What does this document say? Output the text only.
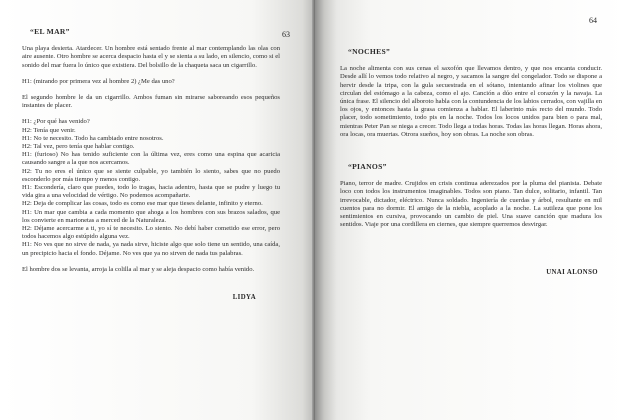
63
“EL MAR”

Una playa desierta. Atardecer. Un hombre está sentado frente al mar contemplando las olas con aire ausente. Otro hombre se acerca despacio hasta el y se sienta a su lado, en silencio, como si el sonido del mar fuera lo único que existiera. Del bolsillo de la chaqueta saca un cigarrillo.

H1: (mirando por primera vez al hombre 2) ¿Me das uno?

El segundo hombre le da un cigarrillo. Ambos fuman sin mirarse saboreando esos pequeños instantes de placer.

H1: ¿Por qué has venido?

H2: Tenía que venir.

H1: No te necesito. Todo ha cambiado entre nosotros.

H2: Tal vez, pero tenía que hablar contigo.

H1: (furioso) No has tenido suficiente con la última vez, eres como una espina que acaricia causando sangre a la que nos acercamos.

H2: Tu no eres el único que se siente culpable, yo también lo siento, sabes que no puedo esconderlo por más tiempo y menos contigo.

H1: Escondería, claro que puedes, todo lo tragas, hacia adentro, hasta que se pudre y luego tu vida gira a una velocidad de vértigo. No podemos acompañarte.

H2: Deja de complicar las cosas, todo es como ese mar que tieses delante, infinito y eterno.

H1: Un mar que cambia a cada momento que ahoga a los hombres con sus brazos salados, que los convierte en marionetas a merced de la Naturaleza.

H2: Déjame acercarme a ti, yo sí te necesito. Lo siento. No debí haber cometido ese error, pero todos hacemos algo estúpido alguna vez.

H1: No ves que no sirve de nada, ya nada sirve, hiciste algo que solo tiene un sentido, una caída, un precipicio hacia el fondo. Déjame. No ves que ya no sirven de nada tus palabras.

El hombre dos se levanta, arroja la colilla al mar y se aleja despacio como había venido.

LIDYA
64
“NOCHES”

La noche alimenta con sus cenas el saxofón que llevamos dentro, y que nos encanta conducir. Desde allí lo vemos todo relativo al negro, y sacamos la sangre del congelador. Todo se dispone a hervir desde la tripa, con la gula secuestrada en el sótano, intentando afinar los violines que circulan del estómago a la cabeza, como el ajo. Canción a dúo entre el corazón y la navaja. La única frase. El silencio del alboroto habla con la contundencia de los labios cerrados, con vajilla en los ojos, y entonces hasta la grasa comienza a hablar. El laberinto más recto del mundo. Todo placer, todo sometimiento, todo pis en la noche. Todos los locos unidos para bien o para mal, mientras Peter Pan se niega a crecer. Todo llega a todas horas. Todas las horas llegan. Horas ahora, ora locas, ora muertas. Otrora sueños, hoy son obras. La noche son obras.

“PIANOS”

Piano, terror de madre. Crujidos en crisis continua aderezados por la pluma del pianista. Debate loco con todos los instrumentos imaginables. Todos son piano. Tan dulce, solitario, infantil. Tan irrevocable, dictador, eléctrico. Nunca soldado. Ingeniería de cuerdas y árbol, resultante en mil cuentos para no dormir. El amigo de la niebla, acoplado a la noche. La sutileza que pone los sentimientos en cursiva, provocando un cambio de piel. Una suave canción que madura los sentidos. Viaje por una cordillera en ciernes, que siempre querremos desvirgar.

UNAI ALONSO
